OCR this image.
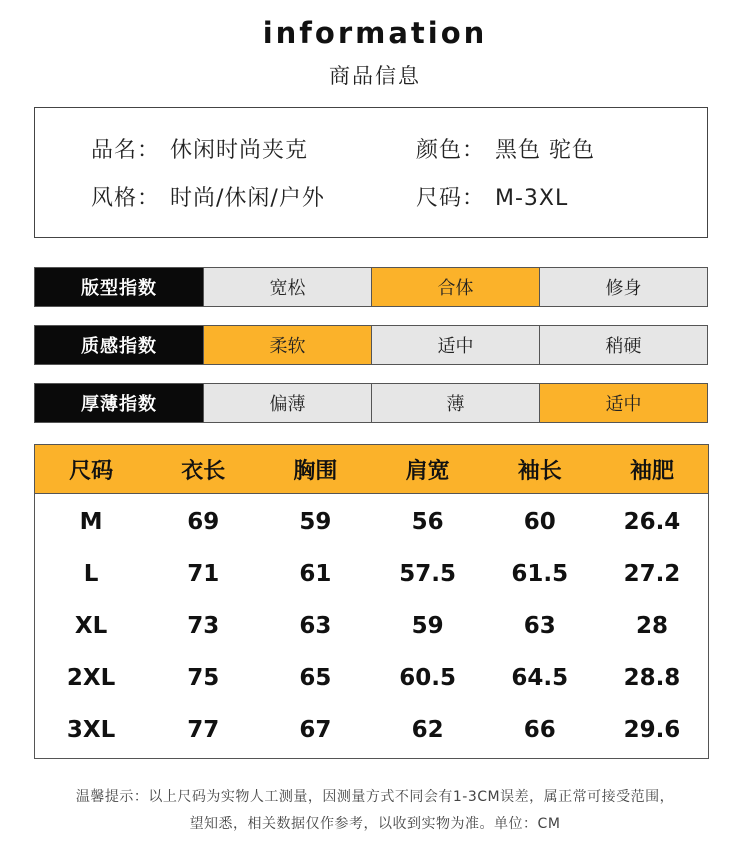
information
商品信息
品名： 休闲时尚夹克	颜色： 黑色 驼色
风格： 时尚/休闲/户外	尺码： M-3XL
版型指数	宽松	合体	修身
质感指数	柔软	适中	稍硬
厚薄指数	偏薄	薄	适中
尺码	衣长	胸围	肩宽	袖长	袖肥
M	69	59	56	60	26.4
L	71	61	57.5	61.5	27.2
XL	73	63	59	63	28
2XL	75	65	60.5	64.5	28.8
3XL	77	67	62	66	29.6
温馨提示：以上尺码为实物人工测量，因测量方式不同会有1-3CM误差，属正常可接受范围，
望知悉，相关数据仅作参考，以收到实物为准。单位：CM
